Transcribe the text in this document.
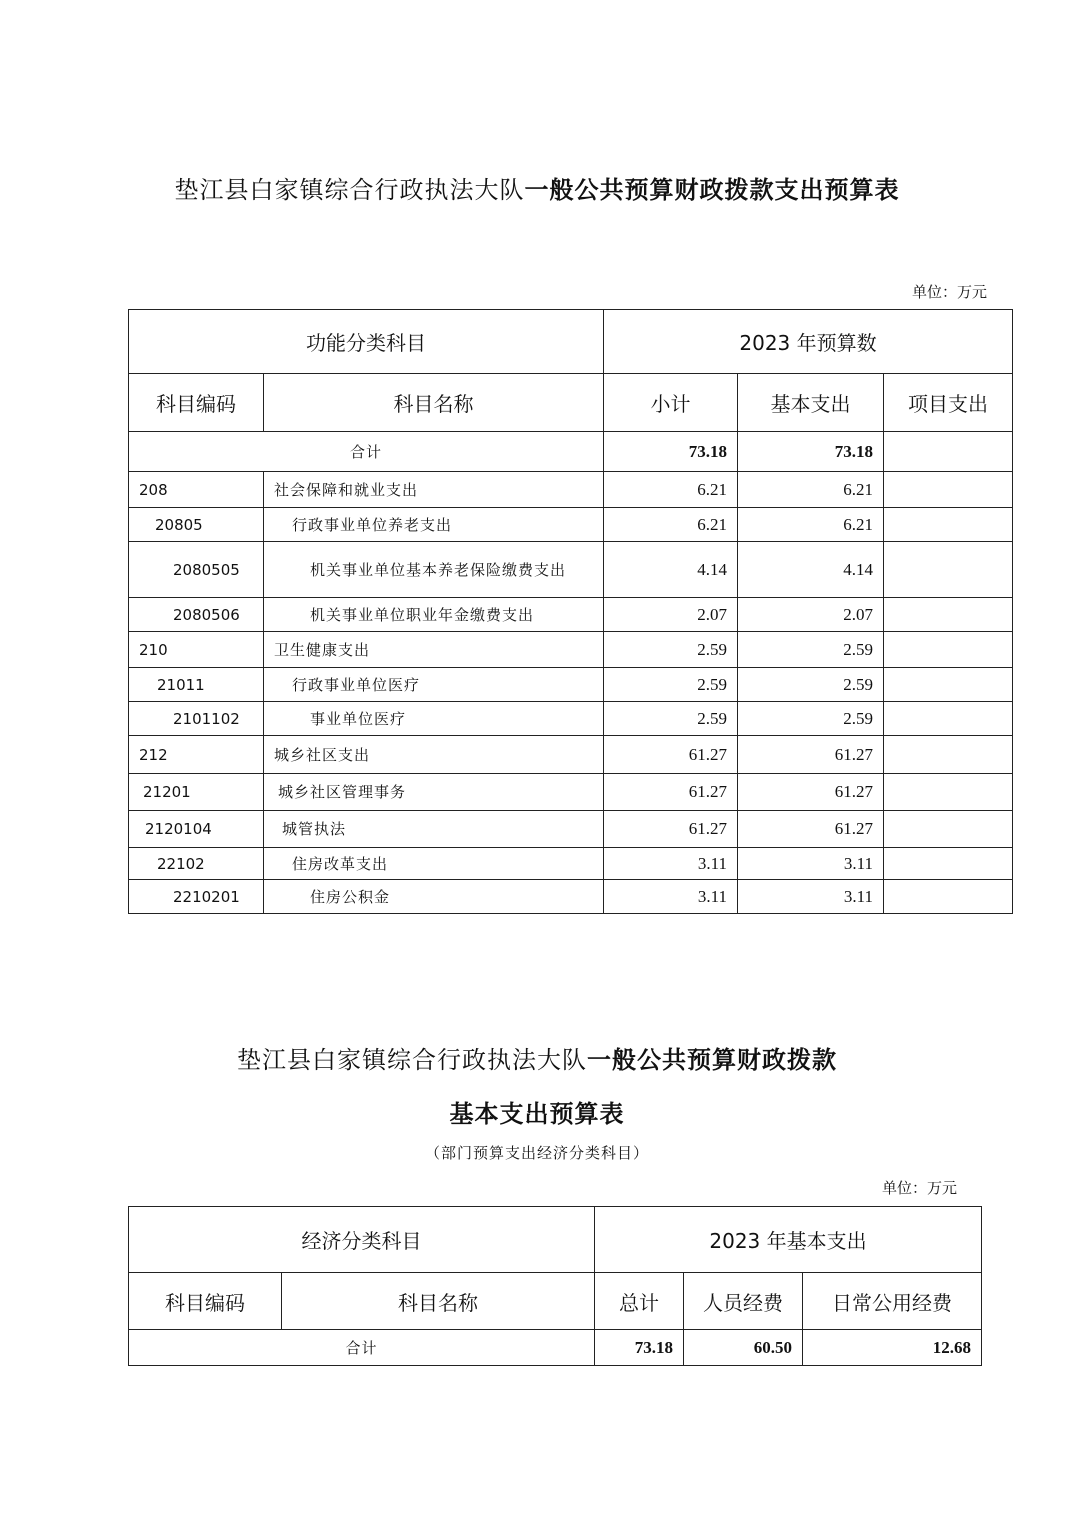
垫江县白家镇综合行政执法大队一般公共预算财政拨款支出预算表
单位：万元
功能分类科目		2023 年预算数		
科目编码	科目名称	小计	基本支出	项目支出
合计		73.18	73.18	
208	社会保障和就业支出	6.21	6.21	
20805	行政事业单位养老支出	6.21	6.21	
2080505	机关事业单位基本养老保险缴费支出	4.14	4.14	
2080506	机关事业单位职业年金缴费支出	2.07	2.07	
210	卫生健康支出	2.59	2.59	
21011	行政事业单位医疗	2.59	2.59	
2101102	事业单位医疗	2.59	2.59	
212	城乡社区支出	61.27	61.27	
21201	城乡社区管理事务	61.27	61.27	
2120104	城管执法	61.27	61.27	
22102	住房改革支出	3.11	3.11	
2210201	住房公积金	3.11	3.11	
垫江县白家镇综合行政执法大队一般公共预算财政拨款
基本支出预算表
（部门预算支出经济分类科目）
单位：万元
经济分类科目		2023 年基本支出		
科目编码	科目名称	总计	人员经费	日常公用经费
合计		73.18	60.50	12.68
